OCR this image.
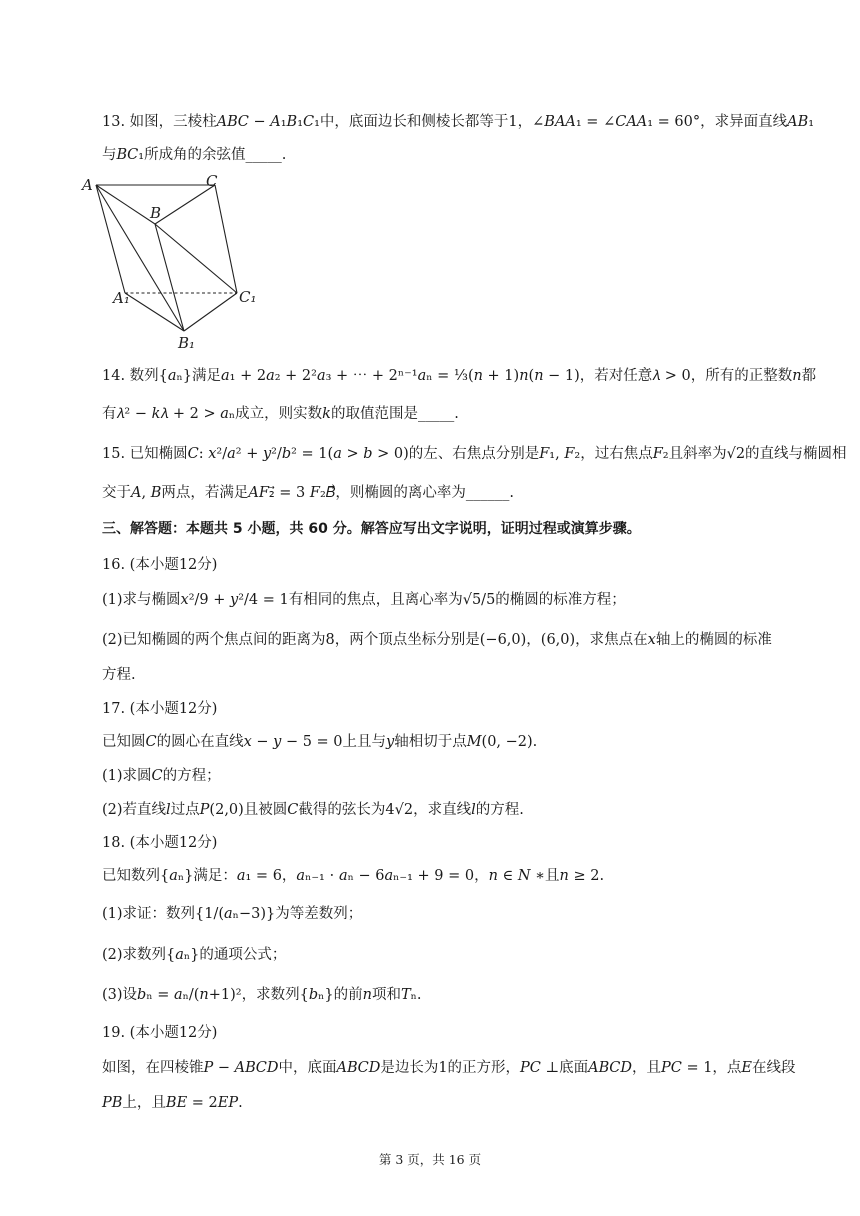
13. 如图，三棱柱𝐴𝐵𝐶 − 𝐴₁𝐵₁𝐶₁中，底面边长和侧棱长都等于1，∠𝐵𝐴𝐴₁ = ∠𝐶𝐴𝐴₁ = 60°，求异面直线𝐴𝐵₁
与𝐵𝐶₁所成角的余弦值_____.
A	C
B
A₁	C₁
B₁
14. 数列{𝑎ₙ}满足𝑎₁ + 2𝑎₂ + 2²𝑎₃ + ⋯ + 2ⁿ⁻¹𝑎ₙ = ⅓(𝑛 + 1)𝑛(𝑛 − 1)，若对任意𝜆 > 0，所有的正整数𝑛都
有𝜆² − 𝑘𝜆 + 2 > 𝑎ₙ成立，则实数𝑘的取值范围是_____.
15. 已知椭圆𝐶: 𝑥²/𝑎² + 𝑦²/𝑏² = 1(𝑎 > 𝑏 > 0)的左、右焦点分别是𝐹₁, 𝐹₂，过右焦点𝐹₂且斜率为√2的直线与椭圆相
交于𝐴, 𝐵两点，若满足𝐴𝐹₂⃗ = 3 𝐹₂𝐵⃗，则椭圆的离心率为______.
三、解答题：本题共 5 小题，共 60 分。解答应写出文字说明，证明过程或演算步骤。
16. (本小题12分)
(1)求与椭圆𝑥²/9 + 𝑦²/4 = 1有相同的焦点，且离心率为√5/5的椭圆的标准方程；
(2)已知椭圆的两个焦点间的距离为8，两个顶点坐标分别是(−6,0)，(6,0)，求焦点在𝑥轴上的椭圆的标准
方程.
17. (本小题12分)
已知圆𝐶的圆心在直线𝑥 − 𝑦 − 5 = 0上且与𝑦轴相切于点𝑀(0, −2).
(1)求圆𝐶的方程；
(2)若直线𝑙过点𝑃(2,0)且被圆𝐶截得的弦长为4√2，求直线𝑙的方程.
18. (本小题12分)
已知数列{𝑎ₙ}满足：𝑎₁ = 6，𝑎ₙ₋₁ ⋅ 𝑎ₙ − 6𝑎ₙ₋₁ + 9 = 0，𝑛 ∈ 𝑁 ∗且𝑛 ≥ 2.
(1)求证：数列{1/(𝑎ₙ−3)}为等差数列；
(2)求数列{𝑎ₙ}的通项公式；
(3)设𝑏ₙ = 𝑎ₙ/(𝑛+1)²，求数列{𝑏ₙ}的前𝑛项和𝑇ₙ.
19. (本小题12分)
如图，在四棱锥𝑃 − 𝐴𝐵𝐶𝐷中，底面𝐴𝐵𝐶𝐷是边长为1的正方形，𝑃𝐶 ⊥底面𝐴𝐵𝐶𝐷，且𝑃𝐶 = 1，点𝐸在线段
𝑃𝐵上，且𝐵𝐸 = 2𝐸𝑃.
第 3 页，共 16 页
